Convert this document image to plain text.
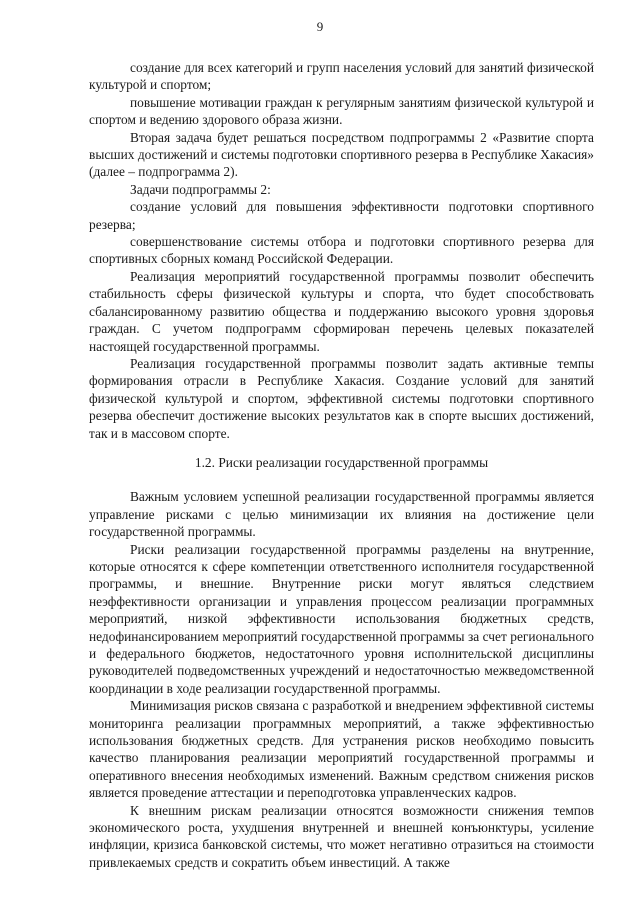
9

создание для всех категорий и групп населения условий для занятий физической культурой и спортом;

повышение мотивации граждан к регулярным занятиям физической культурой и спортом и ведению здорового образа жизни.

Вторая задача будет решаться посредством подпрограммы 2 «Развитие спорта высших достижений и системы подготовки спортивного резерва в Республике Хакасия» (далее – подпрограмма 2).

Задачи подпрограммы 2:

создание условий для повышения эффективности подготовки спортивного резерва;

совершенствование системы отбора и подготовки спортивного резерва для спортивных сборных команд Российской Федерации.

Реализация мероприятий государственной программы позволит обеспечить стабильность сферы физической культуры и спорта, что будет способствовать сбалансированному развитию общества и поддержанию высокого уровня здоровья граждан. С учетом подпрограмм сформирован перечень целевых показателей настоящей государственной программы.

Реализация государственной программы позволит задать активные темпы формирования отрасли в Республике Хакасия. Создание условий для занятий физической культурой и спортом, эффективной системы подготовки спортивного резерва обеспечит достижение высоких результатов как в спорте высших достижений, так и в массовом спорте.

1.2. Риски реализации государственной программы

Важным условием успешной реализации государственной программы является управление рисками с целью минимизации их влияния на достижение цели государственной программы.

Риски реализации государственной программы разделены на внутренние, которые относятся к сфере компетенции ответственного исполнителя государственной программы, и внешние. Внутренние риски могут являться следствием неэффективности организации и управления процессом реализации программных мероприятий, низкой эффективности использования бюджетных средств, недофинансированием мероприятий государственной программы за счет регионального и федерального бюджетов, недостаточного уровня исполнительской дисциплины руководителей подведомственных учреждений и недостаточностью межведомственной координации в ходе реализации государственной программы.

Минимизация рисков связана с разработкой и внедрением эффективной системы мониторинга реализации программных мероприятий, а также эффективностью использования бюджетных средств. Для устранения рисков необходимо повысить качество планирования реализации мероприятий государственной программы и оперативного внесения необходимых изменений. Важным средством снижения рисков является проведение аттестации и переподготовка управленческих кадров.

К внешним рискам реализации относятся возможности снижения темпов экономического роста, ухудшения внутренней и внешней конъюнктуры, усиление инфляции, кризиса банковской системы, что может негативно отразиться на стоимости привлекаемых средств и сократить объем инвестиций. А также
